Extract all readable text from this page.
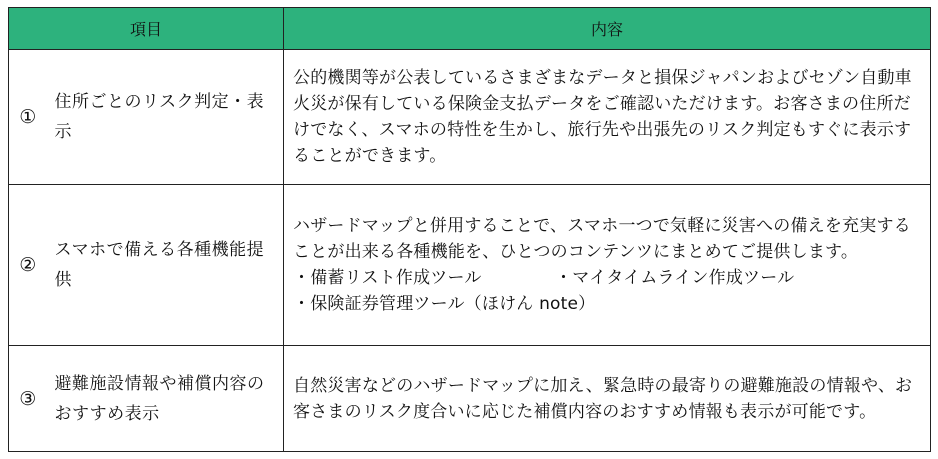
項目		内容
①	住所ごとのリスク判定・表示	公的機関等が公表しているさまざまなデータと損保ジャパンおよびセゾン自動車火災が保有している保険金支払データをご確認いただけます。お客さまの住所だけでなく、スマホの特性を生かし、旅行先や出張先のリスク判定もすぐに表示することができます。
②	スマホで備える各種機能提供	ハザードマップと併用することで、スマホ一つで気軽に災害への備えを充実することが出来る各種機能を、ひとつのコンテンツにまとめてご提供します。
・備蓄リスト作成ツール ・マイタイムライン作成ツール
・保険証券管理ツール（ほけん note）

③	避難施設情報や補償内容のおすすめ表示	自然災害などのハザードマップに加え、緊急時の最寄りの避難施設の情報や、お客さまのリスク度合いに応じた補償内容のおすすめ情報も表示が可能です。
